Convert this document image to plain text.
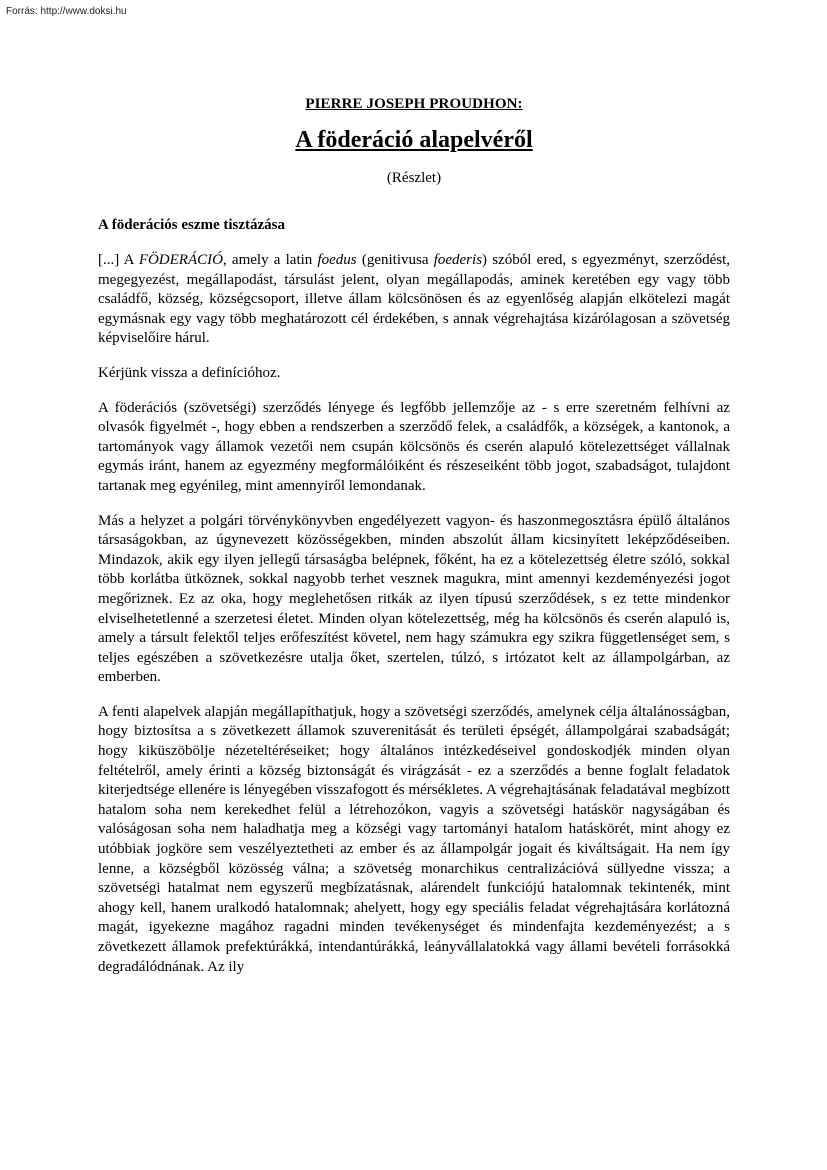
Forrás: http://www.doksi.hu
PIERRE JOSEPH PROUDHON:
A föderáció alapelvéről
(Részlet)
A föderációs eszme tisztázása

[...] A FÖDERÁCIÓ, amely a latin foedus (genitivusa foederis) szóból ered, s egyezményt, szerződést, megegyezést, megállapodást, társulást jelent, olyan megállapodás, aminek keretében egy vagy több családfő, község, községcsoport, illetve állam kölcsönösen és az egyenlőség alapján elkötelezi magát egymásnak egy vagy több meghatározott cél érdekében, s annak végrehajtása kizárólagosan a szövetség képviselőire hárul.

Kérjünk vissza a definícióhoz.

A föderációs (szövetségi) szerződés lényege és legfőbb jellemzője az - s erre szeretném felhívni az olvasók figyelmét -, hogy ebben a rendszerben a szerződő felek, a családfők, a községek, a kantonok, a tartományok vagy államok vezetői nem csupán kölcsönös és cserén alapuló kötelezettséget vállalnak egymás iránt, hanem az egyezmény megformálóiként és részeseiként több jogot, szabadságot, tulajdont tartanak meg egyénileg, mint amennyiről lemondanak.

Más a helyzet a polgári törvénykönyvben engedélyezett vagyon- és haszonmegosztásra épülő általános társaságokban, az úgynevezett közösségekben, minden abszolút állam kicsinyített leképződéseiben. Mindazok, akik egy ilyen jellegű társaságba belépnek, főként, ha ez a kötelezettség életre szóló, sokkal több korlátba ütköznek, sokkal nagyobb terhet vesznek magukra, mint amennyi kezdeményezési jogot megőriznek. Ez az oka, hogy meglehetősen ritkák az ilyen típusú szerződések, s ez tette mindenkor elviselhetetlenné a szerzetesi életet. Minden olyan kötelezettség, még ha kölcsönös és cserén alapuló is, amely a társult felektől teljes erőfeszítést követel, nem hagy számukra egy szikra függetlenséget sem, s teljes egészében a szövetkezésre utalja őket, szertelen, túlzó, s irtózatot kelt az állampolgárban, az emberben.

A fenti alapelvek alapján megállapíthatjuk, hogy a szövetségi szerződés, amelynek célja általánosságban, hogy biztosítsa a s zövetkezett államok szuverenitását és területi épségét, állampolgárai szabadságát; hogy kiküszöbölje nézeteltéréseiket; hogy általános intézkedéseivel gondoskodjék minden olyan feltételről, amely érinti a község biztonságát és virágzását - ez a szerződés a benne foglalt feladatok kiterjedtsége ellenére is lényegében visszafogott és mérsékletes. A végrehajtásának feladatával megbízott hatalom soha nem kerekedhet felül a létrehozókon, vagyis a szövetségi hatáskör nagyságában és valóságosan soha nem haladhatja meg a községi vagy tartományi hatalom hatáskörét, mint ahogy ez utóbbiak jogköre sem veszélyeztetheti az ember és az állampolgár jogait és kiváltságait. Ha nem így lenne, a községből közösség válna; a szövetség monarchikus centralizációvá süllyedne vissza; a szövetségi hatalmat nem egyszerű megbízatásnak, alárendelt funkciójú hatalomnak tekintenék, mint ahogy kell, hanem uralkodó hatalomnak; ahelyett, hogy egy speciális feladat végrehajtására korlátozná magát, igyekezne magához ragadni minden tevékenységet és mindenfajta kezdeményezést; a s zövetkezett államok prefektúrákká, intendantúrákká, leányvállalatokká vagy állami bevételi forrásokká degradálódnának. Az ily
